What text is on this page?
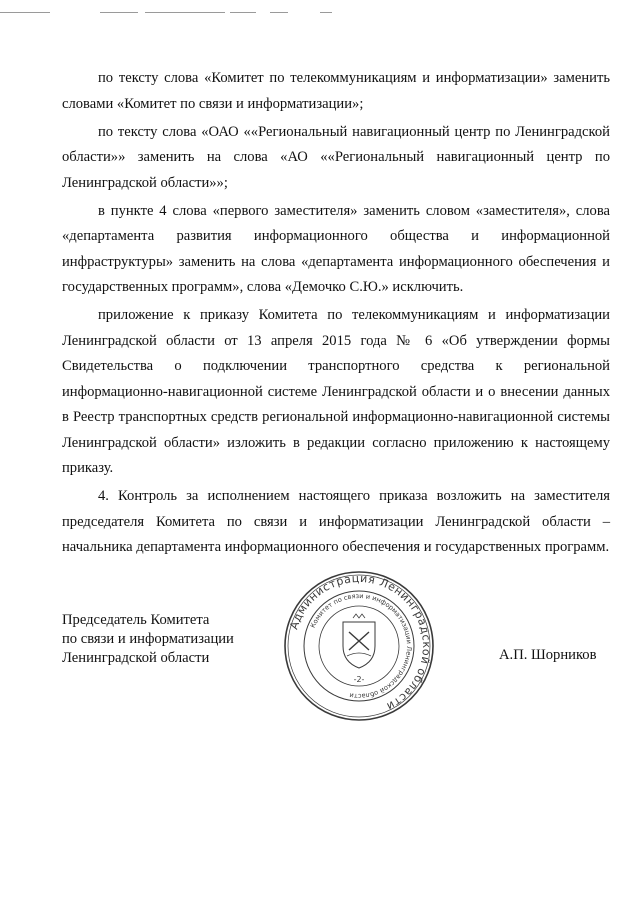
по тексту слова «Комитет по телекоммуникациям и информатизации» заменить словами «Комитет по связи и информатизации»;

по тексту слова «ОАО ««Региональный навигационный центр по Ленинградской области»» заменить на слова «АО ««Региональный навигационный центр по Ленинградской области»»;

в пункте 4 слова «первого заместителя» заменить словом «заместителя», слова «департамента развития информационного общества и информационной инфраструктуры» заменить на слова «департамента информационного обеспечения и государственных программ», слова «Демочко С.Ю.» исключить.

приложение к приказу Комитета по телекоммуникациям и информатизации Ленинградской области от 13 апреля 2015 года № 6 «Об утверждении формы Свидетельства о подключении транспортного средства к региональной информационно-навигационной системе Ленинградской области и о внесении данных в Реестр транспортных средств региональной информационно-навигационной системы Ленинградской области» изложить в редакции согласно приложению к настоящему приказу.

4. Контроль за исполнением настоящего приказа возложить на заместителя председателя Комитета по связи и информатизации Ленинградской области – начальника департамента информационного обеспечения и государственных программ.

Председатель Комитета
по связи и информатизации
Ленинградской области	А.П. Шорников
Администрация Ленинградской области
Комитет по связи и информатизации Ленинградской области
-2-
